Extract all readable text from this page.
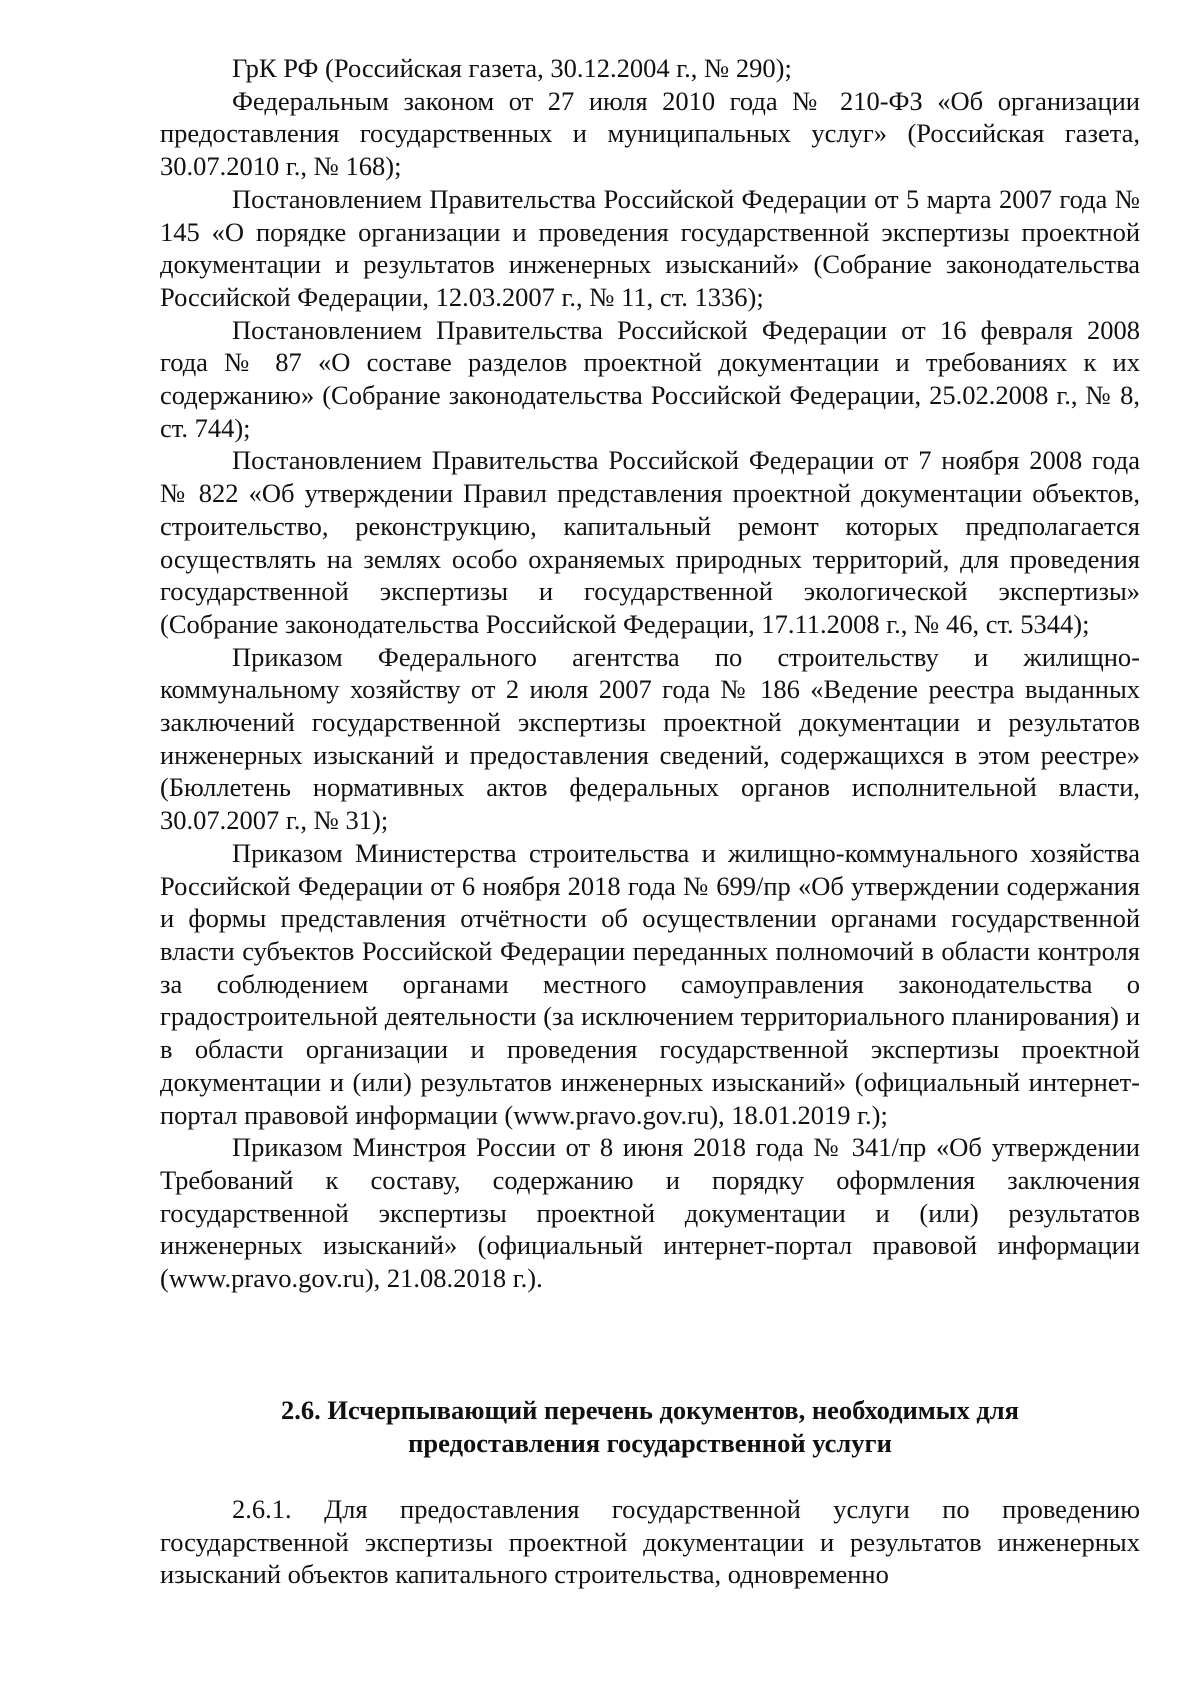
ГрК РФ (Российская газета, 30.12.2004 г., № 290);

Федеральным законом от 27 июля 2010 года № 210-ФЗ «Об организации предоставления государственных и муниципальных услуг» (Российская газета, 30.07.2010 г., № 168);

Постановлением Правительства Российской Федерации от 5 марта 2007 года № 145 «О порядке организации и проведения государственной экспертизы проектной документации и результатов инженерных изысканий» (Собрание законодательства Российской Федерации, 12.03.2007 г., № 11, ст. 1336);

Постановлением Правительства Российской Федерации от 16 февраля 2008 года № 87 «О составе разделов проектной документации и требованиях к их содержанию» (Собрание законодательства Российской Федерации, 25.02.2008 г., № 8, ст. 744);

Постановлением Правительства Российской Федерации от 7 ноября 2008 года № 822 «Об утверждении Правил представления проектной документации объектов, строительство, реконструкцию, капитальный ремонт которых предполагается осуществлять на землях особо охраняемых природных территорий, для проведения государственной экспертизы и государственной экологической экспертизы» (Собрание законодательства Российской Федерации, 17.11.2008 г., № 46, ст. 5344);

Приказом Федерального агентства по строительству и жилищно-коммунальному хозяйству от 2 июля 2007 года № 186 «Ведение реестра выданных заключений государственной экспертизы проектной документации и результатов инженерных изысканий и предоставления сведений, содержащихся в этом реестре» (Бюллетень нормативных актов федеральных органов исполнительной власти, 30.07.2007 г., № 31);

Приказом Министерства строительства и жилищно-коммунального хозяйства Российской Федерации от 6 ноября 2018 года № 699/пр «Об утверждении содержания и формы представления отчётности об осуществлении органами государственной власти субъектов Российской Федерации переданных полномочий в области контроля за соблюдением органами местного самоуправления законодательства о градостроительной деятельности (за исключением территориального планирования) и в области организации и проведения государственной экспертизы проектной документации и (или) результатов инженерных изысканий» (официальный интернет-портал правовой информации (www.pravo.gov.ru), 18.01.2019 г.);

Приказом Минстроя России от 8 июня 2018 года № 341/пр «Об утверждении Требований к составу, содержанию и порядку оформления заключения государственной экспертизы проектной документации и (или) результатов инженерных изысканий» (официальный интернет-портал правовой информации (www.pravo.gov.ru), 21.08.2018 г.).

2.6. Исчерпывающий перечень документов, необходимых для
предоставления государственной услуги

2.6.1. Для предоставления государственной услуги по проведению государственной экспертизы проектной документации и результатов инженерных изысканий объектов капитального строительства, одновременно
